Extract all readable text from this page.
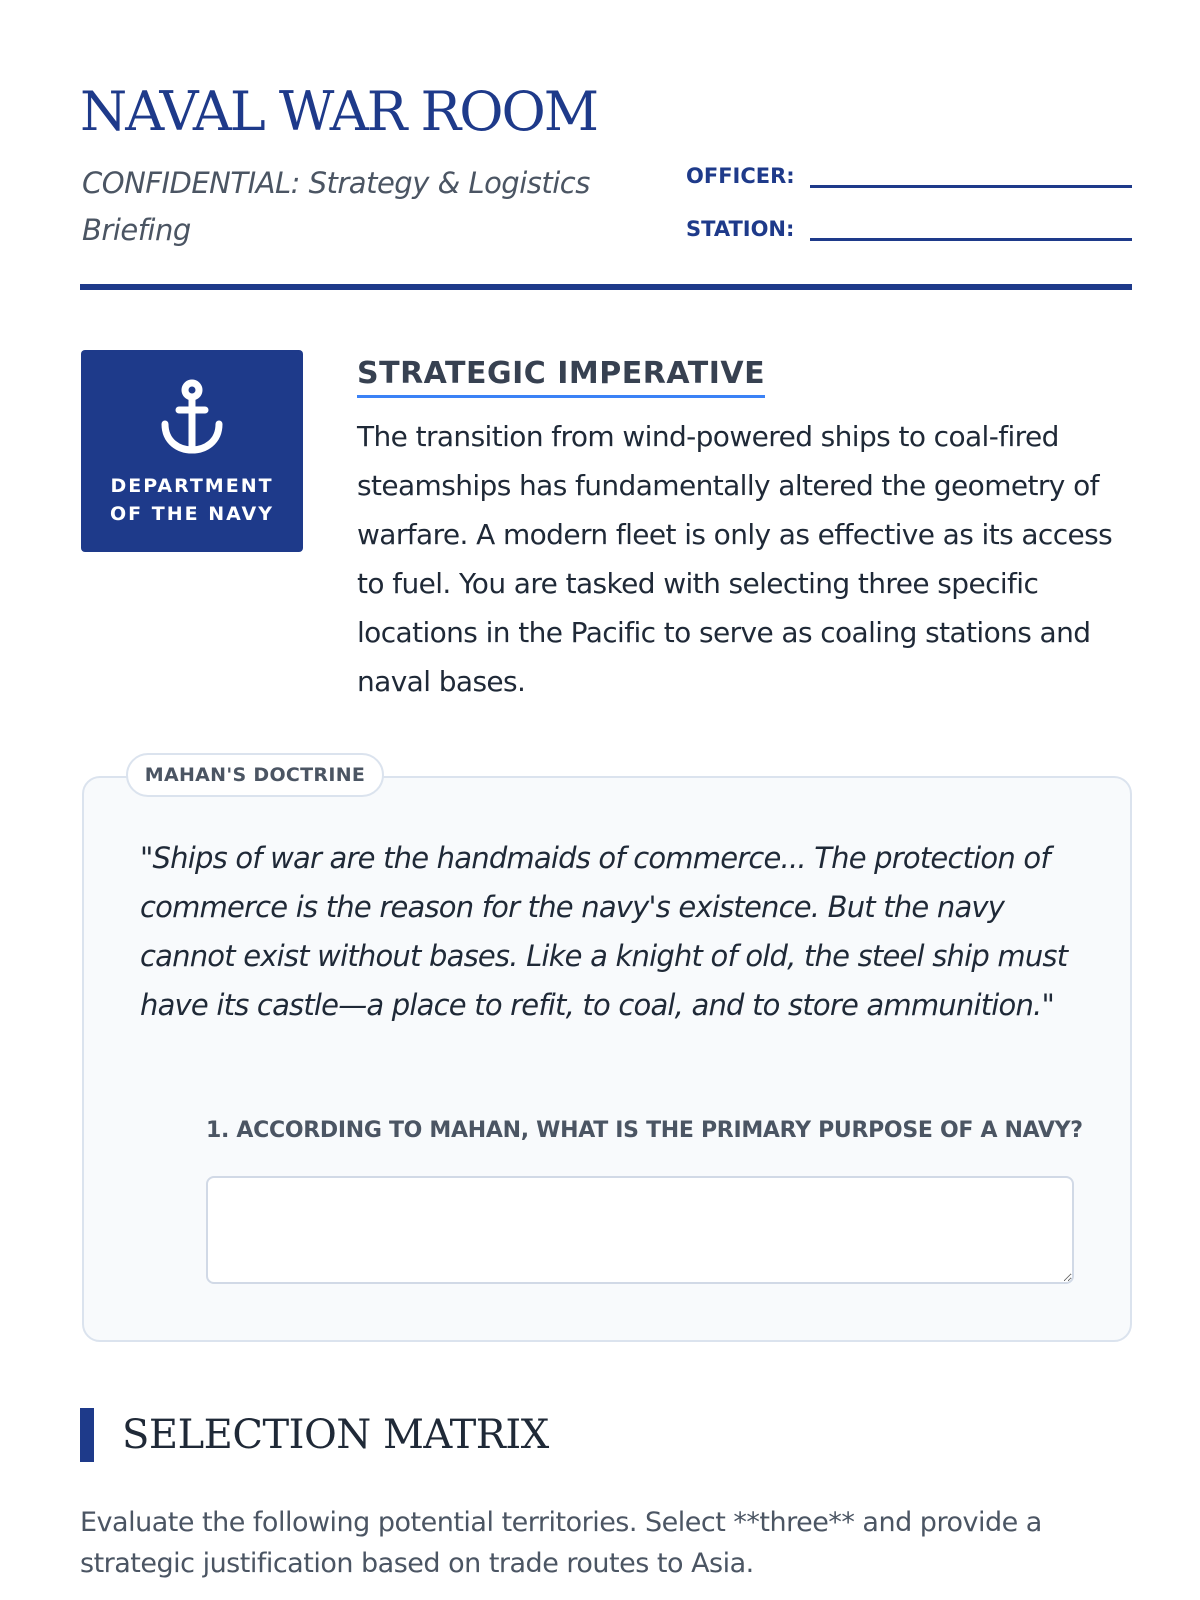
NAVAL WAR ROOM
CONFIDENTIAL: Strategy & Logistics Briefing
OFFICER:
STATION:
DEPARTMENT OF THE NAVY
STRATEGIC IMPERATIVE
The transition from wind-powered ships to coal-fired steamships has fundamentally altered the geometry of warfare. A modern fleet is only as effective as its access to fuel. You are tasked with selecting three specific locations in the Pacific to serve as coaling stations and naval bases.
MAHAN'S DOCTRINE
"Ships of war are the handmaids of commerce... The protection of commerce is the reason for the navy's existence. But the navy cannot exist without bases. Like a knight of old, the steel ship must have its castle—a place to refit, to coal, and to store ammunition."
1. ACCORDING TO MAHAN, WHAT IS THE PRIMARY PURPOSE OF A NAVY?
SELECTION MATRIX
Evaluate the following potential territories. Select **three** and provide a strategic justification based on trade routes to Asia.
